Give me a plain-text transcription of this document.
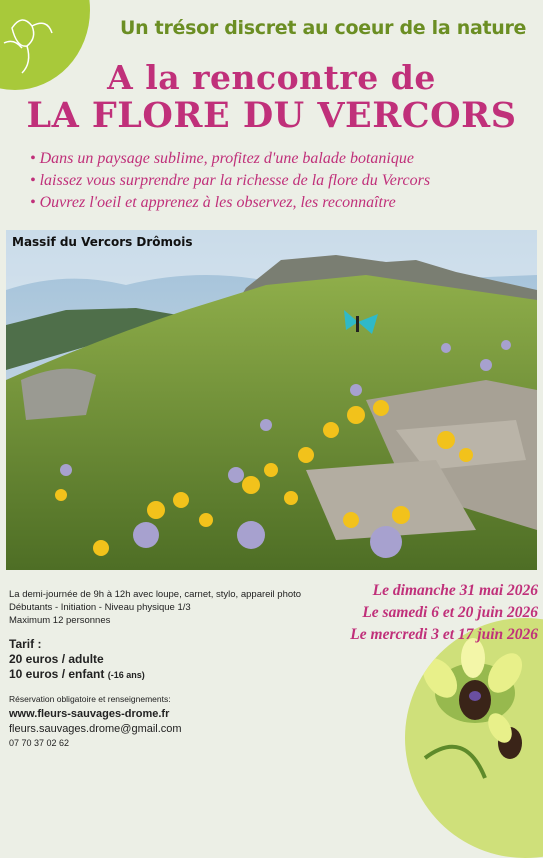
Un trésor discret au coeur de la nature
A la rencontre de
LA FLORE DU VERCORS
• Dans un paysage sublime, profitez d'une balade botanique
• laissez vous surprendre par la richesse de la flore du Vercors
• Ouvrez l'oeil et apprenez à les observez, les reconnaître
Massif du Vercors Drômois
La demi-journée de 9h à 12h avec loupe, carnet, stylo, appareil photo
Débutants - Initiation - Niveau physique 1/3
Maximum 12 personnes
Tarif :
20 euros / adulte
10 euros / enfant (-16 ans)
Réservation obligatoire et renseignements:
www.fleurs-sauvages-drome.fr
fleurs.sauvages.drome@gmail.com
07 70 37 02 62
Le dimanche 31 mai 2026
Le samedi 6 et 20 juin 2026
Le mercredi 3 et 17 juin 2026
